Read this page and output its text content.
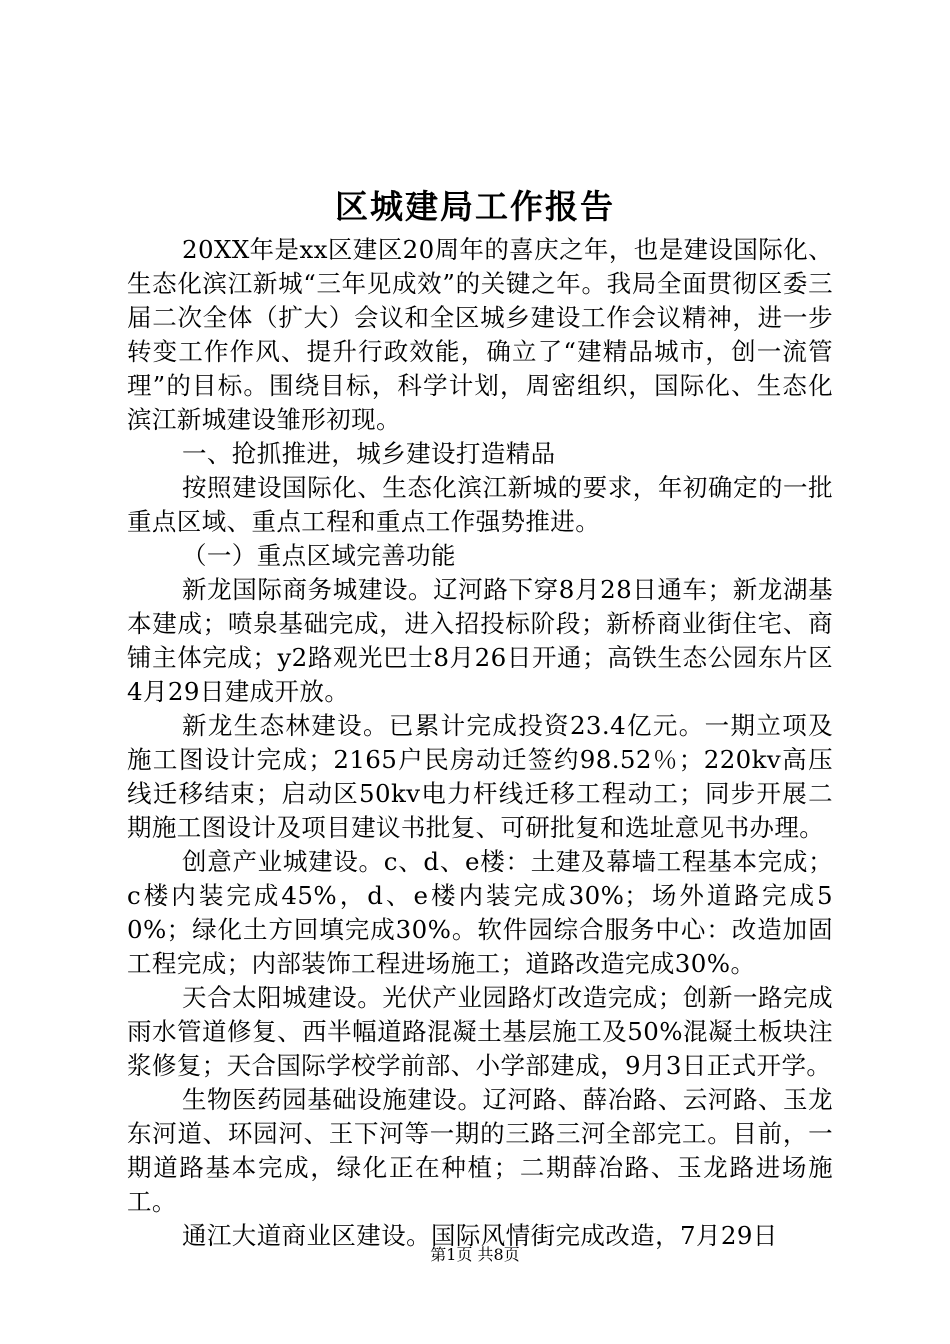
区城建局工作报告

20XX年是xx区建区20周年的喜庆之年，也是建设国际化、生态化滨江新城“三年见成效”的关键之年。我局全面贯彻区委三届二次全体（扩大）会议和全区城乡建设工作会议精神，进一步转变工作作风、提升行政效能，确立了“建精品城市，创一流管理”的目标。围绕目标，科学计划，周密组织，国际化、生态化滨江新城建设雏形初现。

一、抢抓推进，城乡建设打造精品

按照建设国际化、生态化滨江新城的要求，年初确定的一批重点区域、重点工程和重点工作强势推进。

（一）重点区域完善功能

新龙国际商务城建设。辽河路下穿8月28日通车；新龙湖基本建成；喷泉基础完成，进入招投标阶段；新桥商业街住宅、商铺主体完成；y2路观光巴士8月26日开通；高铁生态公园东片区4月29日建成开放。

新龙生态林建设。已累计完成投资23.4亿元。一期立项及施工图设计完成；2165户民房动迁签约98.52％；220kv高压线迁移结束；启动区50kv电力杆线迁移工程动工；同步开展二期施工图设计及项目建议书批复、可研批复和选址意见书办理。

创意产业城建设。c、d、e楼：土建及幕墙工程基本完成；c楼内装完成45%，d、e楼内装完成30%；场外道路完成50%；绿化土方回填完成30%。软件园综合服务中心：改造加固工程完成；内部装饰工程进场施工；道路改造完成30%。

天合太阳城建设。光伏产业园路灯改造完成；创新一路完成雨水管道修复、西半幅道路混凝土基层施工及50%混凝土板块注浆修复；天合国际学校学前部、小学部建成，9月3日正式开学。

生物医药园基础设施建设。辽河路、薛冶路、云河路、玉龙东河道、环园河、王下河等一期的三路三河全部完工。目前，一期道路基本完成，绿化正在种植；二期薛冶路、玉龙路进场施工。

通江大道商业区建设。国际风情街完成改造，7月29日

第1页 共8页
